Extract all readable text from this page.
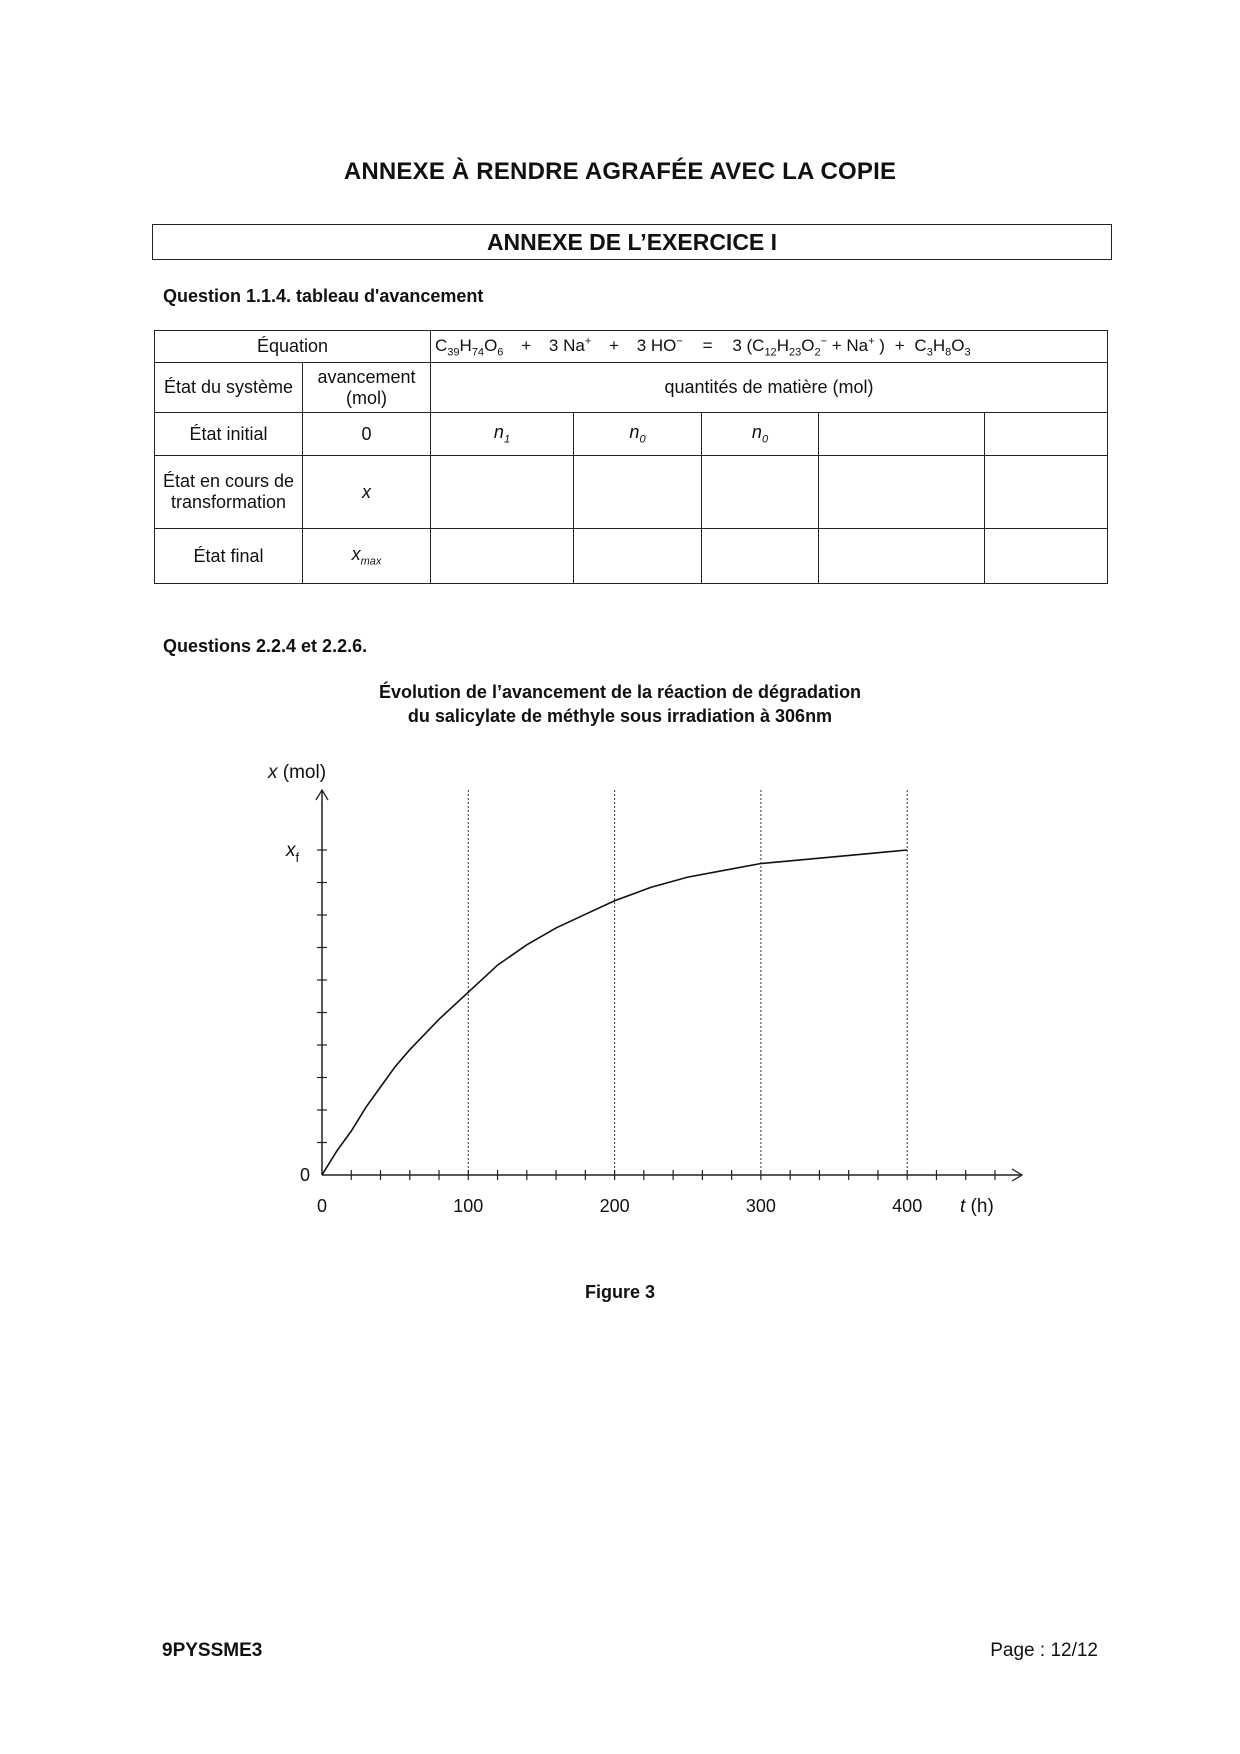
ANNEXE À RENDRE AGRAFÉE AVEC LA COPIE
ANNEXE DE L’EXERCICE I
Question 1.1.4. tableau d'avancement
Équation		$C_{39}H_{74}O_6 + 3$ Na+ + 3 HO− = 3 ($C_{12}H_{23}O_2^- + Na^+$ ) + $C_3H_8O_3$
État du système	avancement (mol)	quantités de matière (mol)				
État initial	0	$n_1$	$n_0$	$n_0$		
État en cours de transformation	x					
État final	$x_{max}$					
Questions 2.2.4 et 2.2.6.
Évolution de l’avancement de la réaction de dégradation
du salicylate de méthyle sous irradiation à 306nm
0	100	200	300	400
0
$x_f$
x (mol)
t (h)
Figure 3
9PYSSME3	Page : 12/12
